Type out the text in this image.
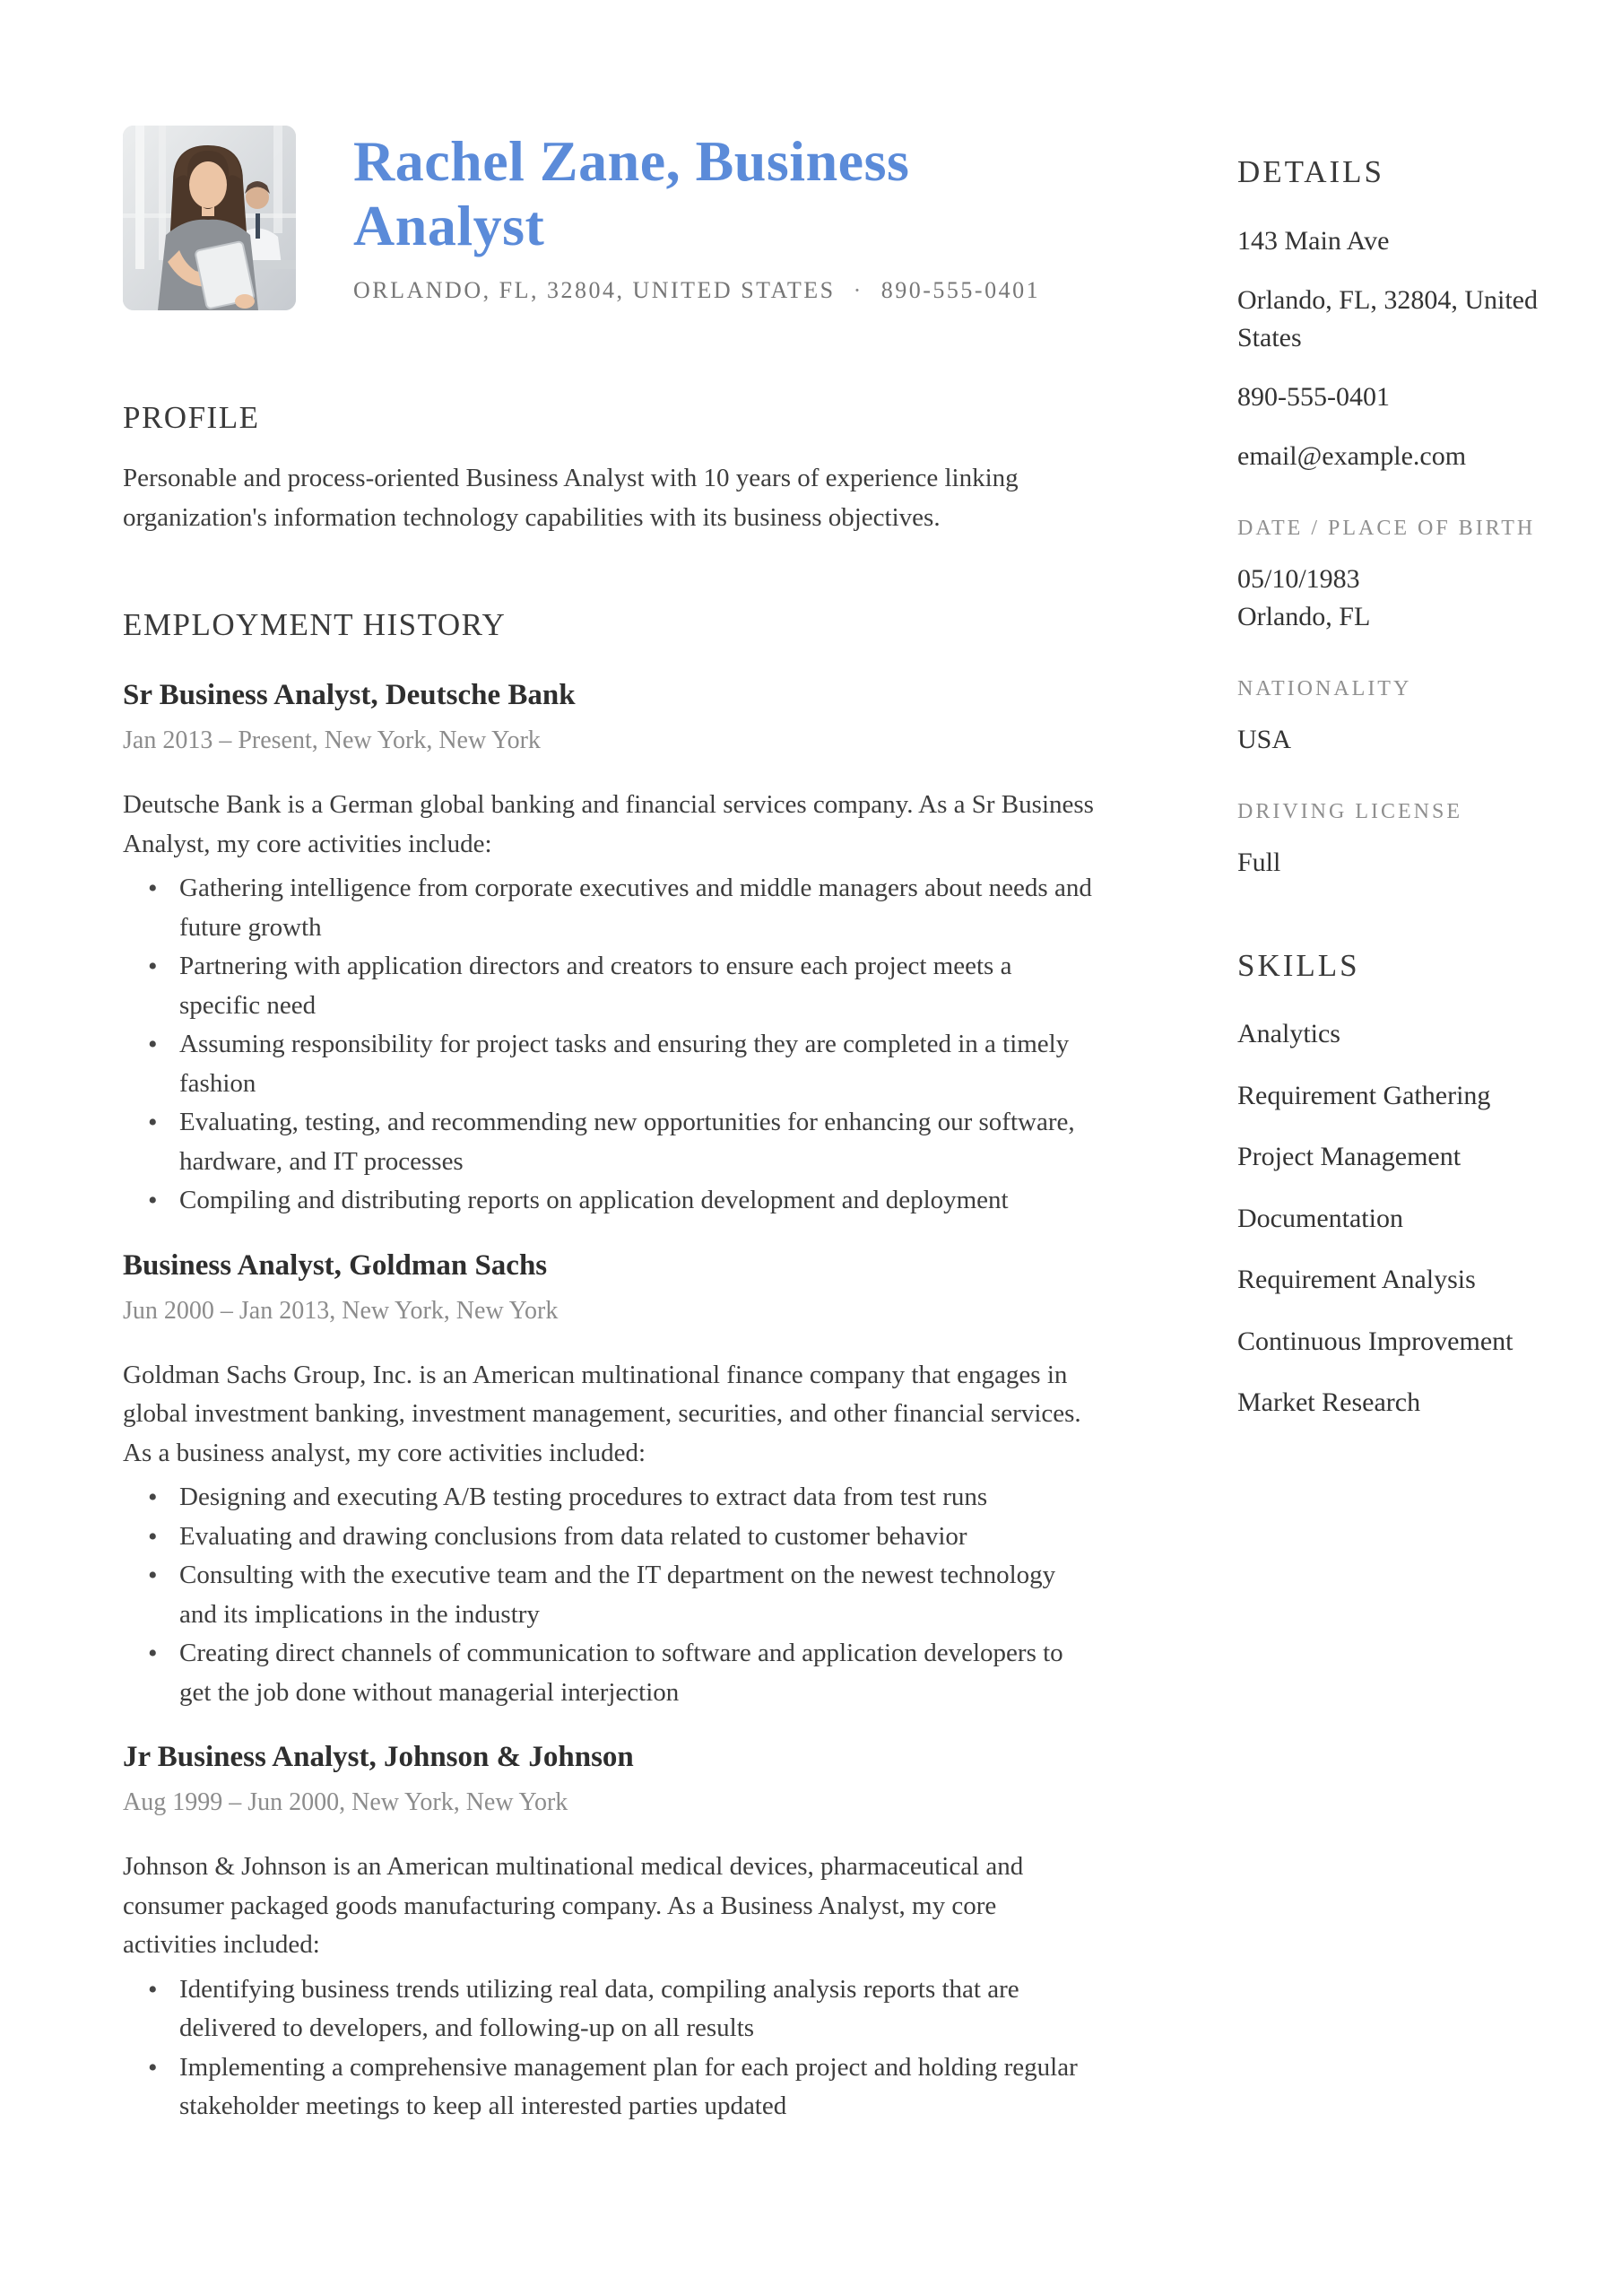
Rachel Zane, Business Analyst
ORLANDO, FL, 32804, UNITED STATES · 890-555-0401
PROFILE

Personable and process-oriented Business Analyst with 10 years of experience linking organization's information technology capabilities with its business objectives.

EMPLOYMENT HISTORY
Sr Business Analyst, Deutsche Bank
Jan 2013 – Present, New York, New York

Deutsche Bank is a German global banking and financial services company. As a Sr Business Analyst, my core activities include:

• Gathering intelligence from corporate executives and middle managers about needs and future growth
• Partnering with application directors and creators to ensure each project meets a specific need
• Assuming responsibility for project tasks and ensuring they are completed in a timely fashion
• Evaluating, testing, and recommending new opportunities for enhancing our software, hardware, and IT processes
• Compiling and distributing reports on application development and deployment
Business Analyst, Goldman Sachs
Jun 2000 – Jan 2013, New York, New York

Goldman Sachs Group, Inc. is an American multinational finance company that engages in global investment banking, investment management, securities, and other financial services. As a business analyst, my core activities included:

• Designing and executing A/B testing procedures to extract data from test runs
• Evaluating and drawing conclusions from data related to customer behavior
• Consulting with the executive team and the IT department on the newest technology and its implications in the industry
• Creating direct channels of communication to software and application developers to get the job done without managerial interjection
Jr Business Analyst, Johnson & Johnson
Aug 1999 – Jun 2000, New York, New York

Johnson & Johnson is an American multinational medical devices, pharmaceutical and consumer packaged goods manufacturing company. As a Business Analyst, my core activities included:

• Identifying business trends utilizing real data, compiling analysis reports that are delivered to developers, and following-up on all results
• Implementing a comprehensive management plan for each project and holding regular stakeholder meetings to keep all interested parties updated
DETAILS
143 Main Ave
Orlando, FL, 32804, United States
890-555-0401
email@example.com
DATE / PLACE OF BIRTH
05/10/1983
Orlando, FL
NATIONALITY
USA
DRIVING LICENSE
Full
SKILLS
Analytics
Requirement Gathering
Project Management
Documentation
Requirement Analysis
Continuous Improvement
Market Research
